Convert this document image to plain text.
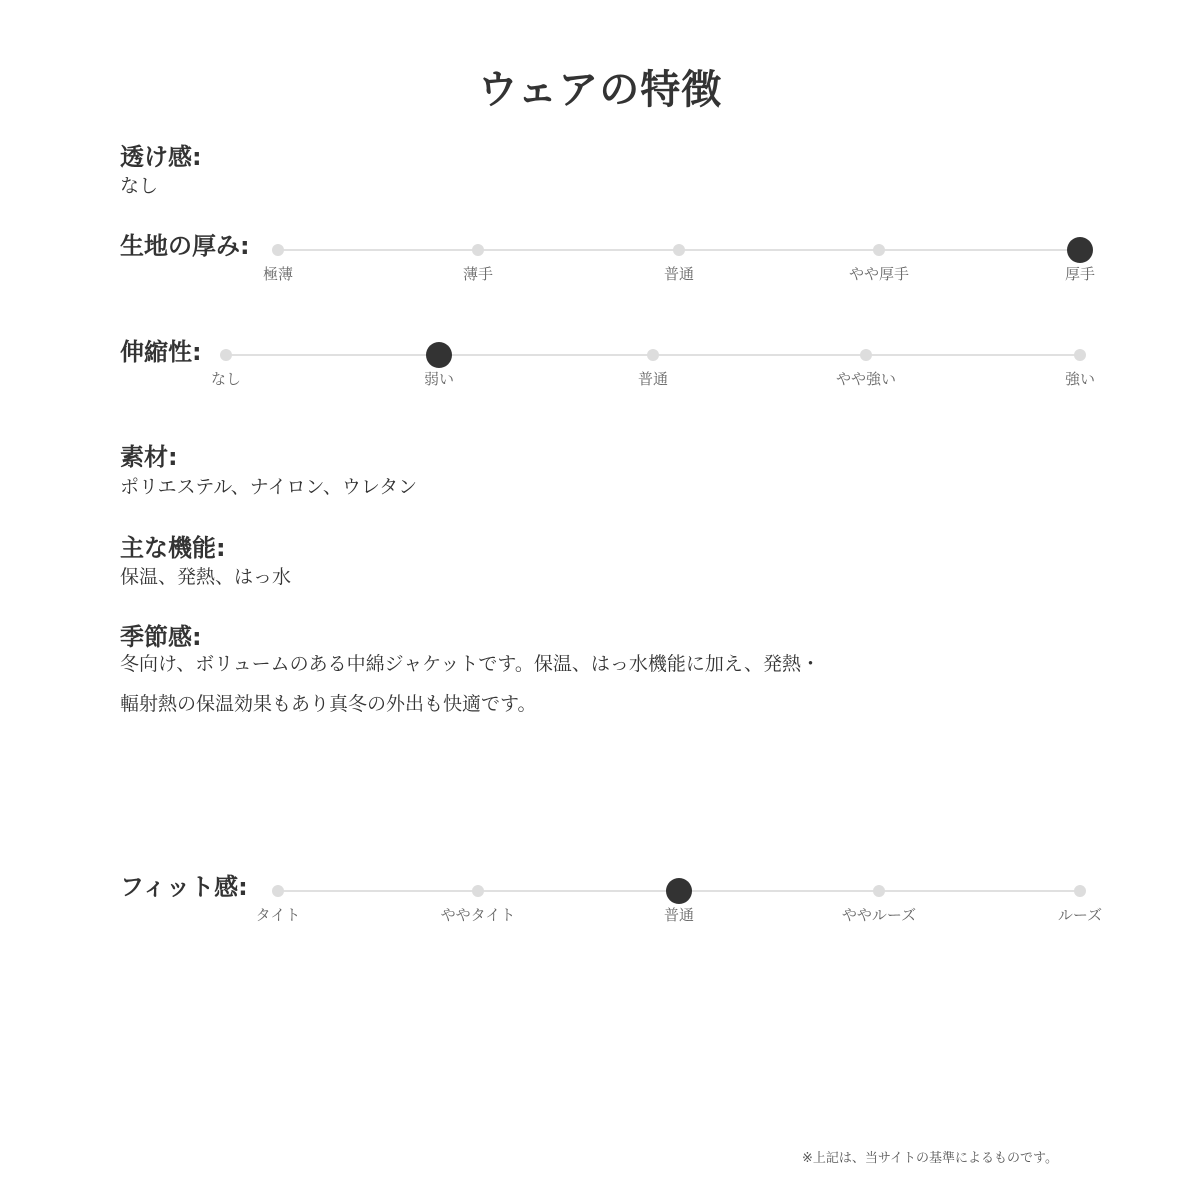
ウェアの特徴
透け感:
なし
生地の厚み:
極薄	薄手	普通	やや厚手	厚手
伸縮性:
なし	弱い	普通	やや強い	強い
素材:
ポリエステル、ナイロン、ウレタン
主な機能:
保温、発熱、はっ水
季節感:
冬向け、ボリュームのある中綿ジャケットです。保温、はっ水機能に加え、発熱・
輻射熱の保温効果もあり真冬の外出も快適です。
フィット感:
タイト	ややタイト	普通	ややルーズ	ルーズ
※上記は、当サイトの基準によるものです。
